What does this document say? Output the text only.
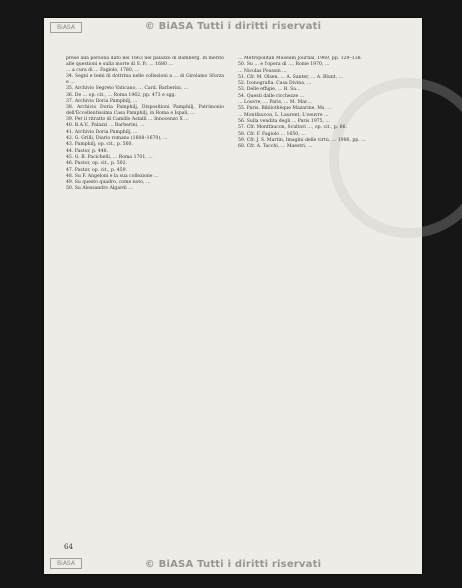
© BiASA Tutti i diritti riservati
BiASA
© BiASA Tutti i diritti riservati
BiASA

prese alla persona dato nel 1663 nel palazzo di Bamberg. In merito alle questioni e sulla morte di S. P.: … 1680 …

… a cura di … Fagiolo, 1780, …

34. Segni e temi di dottrina nelle collezioni a … di Girolamo Sforza e …

35. Archivio Segreto Vaticano, … Card. Barberini, …

36. De … op. cit., … Roma 1962, pp. 473 e sgg.

37. Archivio Doria Pamphilj, …

38. Archivio Doria Pamphilj, Dispositioni Pamphilj, Patrimonio dell'Eccellentissima Casa Pamphilj, in Roma e Ispali, …

39. Per il ritratto di Camillo Astalli … Innocenzo X …

40. B.A.V., Palazzi … Barberini, …

41. Archivio Doria Pamphilj, …

42. G. Grilli, Diario romano (1608–1670), …

43. Pamphilj, op. cit., p. 560.

44. Pastor, p. 448.

45. G. B. Pacichelli, … Roma 1701, …

46. Pastor, op. cit., p. 502.

47. Pastor, op. cit., p. 459.

48. Su F. Angeloni e la sua collezione …

49. Su questo quadro, come noto, …

50. Su Alessandro Algardi …

… Metropolitan Museum Journal, 1969, pp. 129–138.

50. Su … e l'opera di …, Rome 1970, …

… Nicolas Poussin …

51. Cfr. M. Olsen, … A. Santer, … A. Blunt, …

52. Iconografia. Casa Divina, …

53. Delle effigie, … B. Sa…

54. Questi dalle ricchezze …

… Louvre, … Paris, … M. Mar…

55. Paris. Bibliothèque Mazarine. Ms. …

… Montfaucon, L. Laurent, L'oeuvre …

56. Sulla vendita degli … Paris 1975, …

57. Cfr. Montfaucon, Scultori …, op. cit., p. 66.

58. Cfr. F. Fagiolo … 1650, …

59. Cfr. J. S. Martin, Imagini delle virtù, … 1986, pp. …

60. Cfr. A. Tacchi, … Maestri, …

64
